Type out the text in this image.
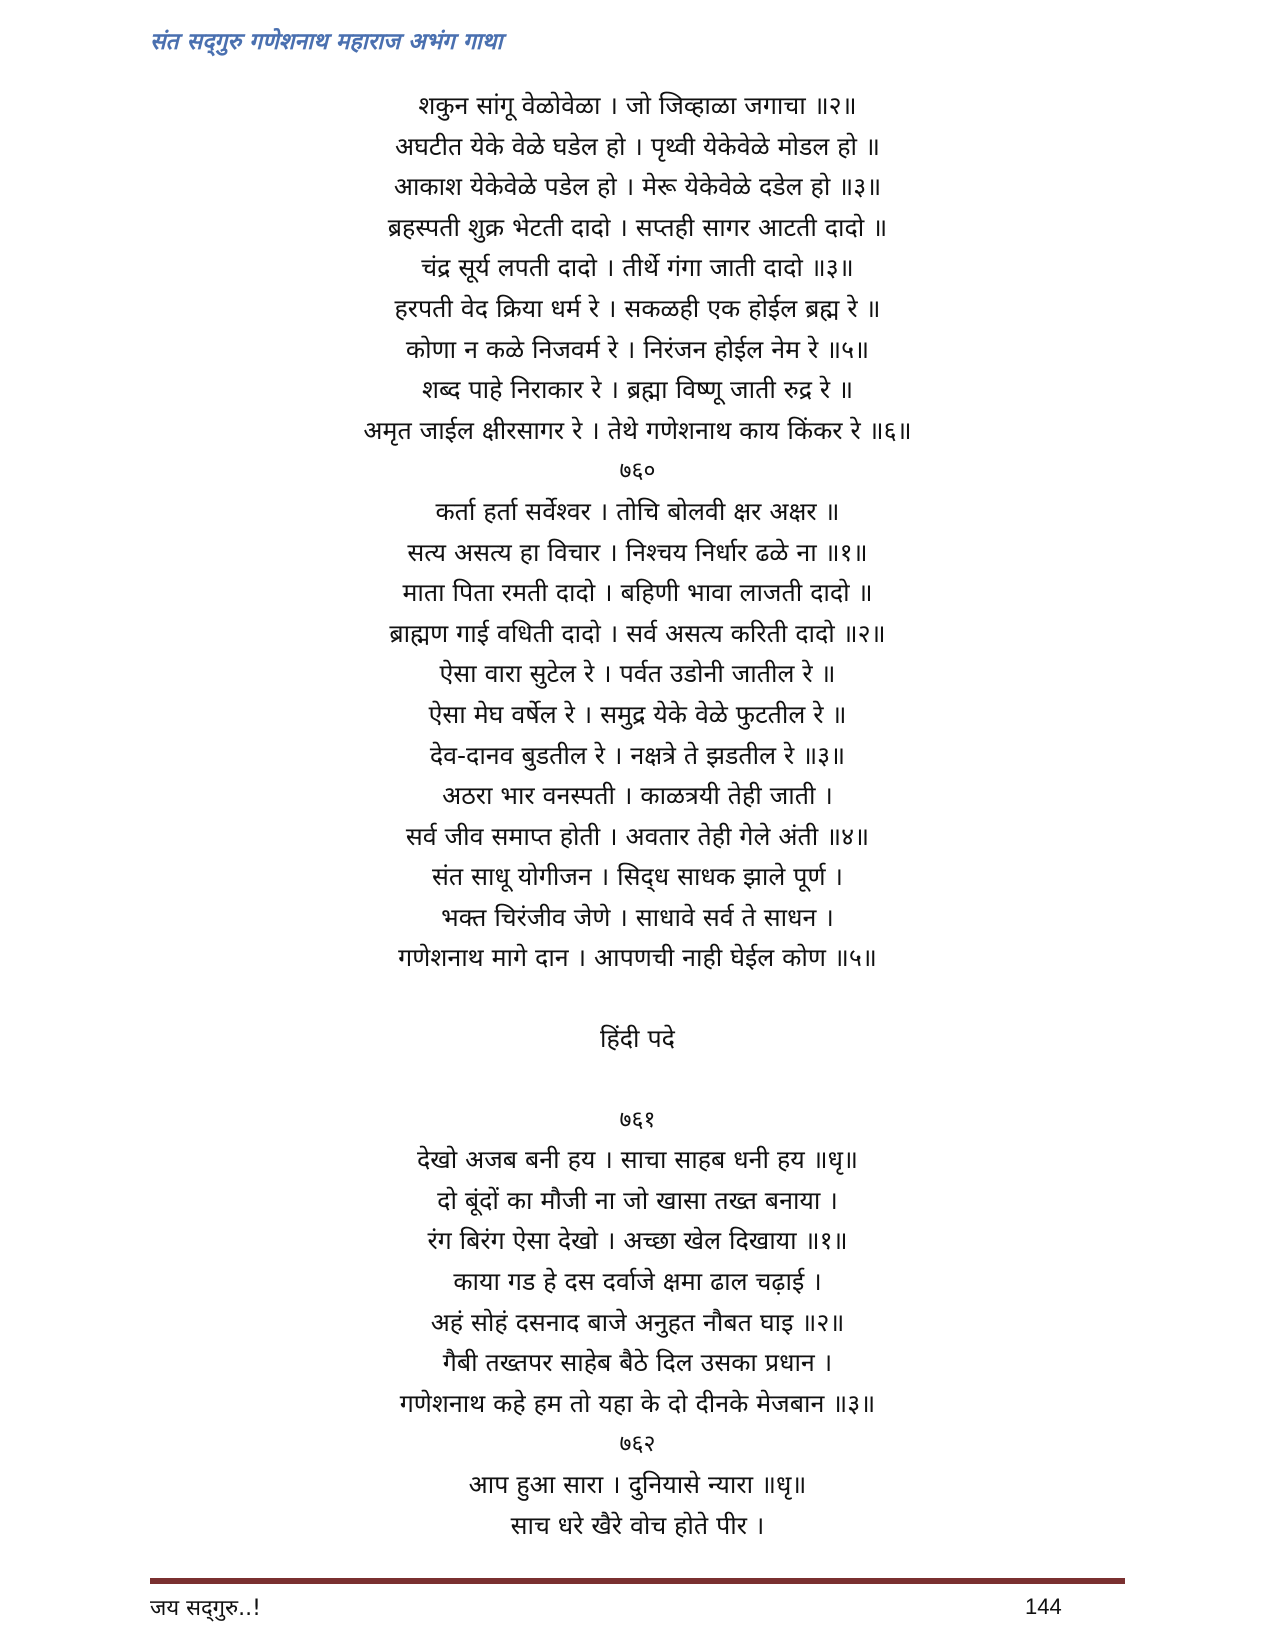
संत सद्‌गुरु गणेशनाथ महाराज अभंग गाथा
शकुन सांगू वेळोवेळा । जो जिव्हाळा जगाचा ॥२॥
अघटीत येके वेळे घडेल हो । पृथ्वी येकेवेळे मोडल हो ॥
आकाश येकेवेळे पडेल हो । मेरू येकेवेळे दडेल हो ॥३॥
ब्रहस्पती शुक्र भेटती दादो । सप्तही सागर आटती दादो ॥
चंद्र सूर्य लपती दादो । तीर्थे गंगा जाती दादो ॥३॥
हरपती वेद क्रिया धर्म रे । सकळही एक होईल ब्रह्म रे ॥
कोणा न कळे निजवर्म रे । निरंजन होईल नेम रे ॥५॥
शब्द पाहे निराकार रे । ब्रह्मा विष्णू जाती रुद्र रे ॥
अमृत जाईल क्षीरसागर रे । तेथे गणेशनाथ काय किंकर रे ॥६॥
७६०
कर्ता हर्ता सर्वेश्वर । तोचि बोलवी क्षर अक्षर ॥
सत्य असत्य हा विचार । निश्चय निर्धार ढळे ना ॥१॥
माता पिता रमती दादो । बहिणी भावा लाजती दादो ॥
ब्राह्मण गाई वधिती दादो । सर्व असत्य करिती दादो ॥२॥
ऐसा वारा सुटेल रे । पर्वत उडोनी जातील रे ॥
ऐसा मेघ वर्षेल रे । समुद्र येके वेळे फुटतील रे ॥
देव-दानव बुडतील रे । नक्षत्रे ते झडतील रे ॥३॥
अठरा भार वनस्पती । काळत्रयी तेही जाती ।
सर्व जीव समाप्त होती । अवतार तेही गेले अंती ॥४॥
संत साधू योगीजन । सिद्‌ध साधक झाले पूर्ण ।
भक्त चिरंजीव जेणे । साधावे सर्व ते साधन ।
गणेशनाथ मागे दान । आपणची नाही घेईल कोण ॥५॥
हिंदी पदे
७६१
देखो अजब बनी हय । साचा साहब धनी हय ॥धृ॥
दो बूंदों का मौजी ना जो खासा तख्त बनाया ।
रंग बिरंग ऐसा देखो । अच्छा खेल दिखाया ॥१॥
काया गड हे दस दर्वाजे क्षमा ढाल चढ़ाई ।
अहं सोहं दसनाद बाजे अनुहत नौबत घाइ ॥२॥
गैबी तख्तपर साहेब बैठे दिल उसका प्रधान ।
गणेशनाथ कहे हम तो यहा के दो दीनके मेजबान ॥३॥
७६२
आप हुआ सारा । दुनियासे न्यारा ॥धृ॥
साच धरे खैरे वोच होते पीर ।
जय सद्‌गुरु..!	144
